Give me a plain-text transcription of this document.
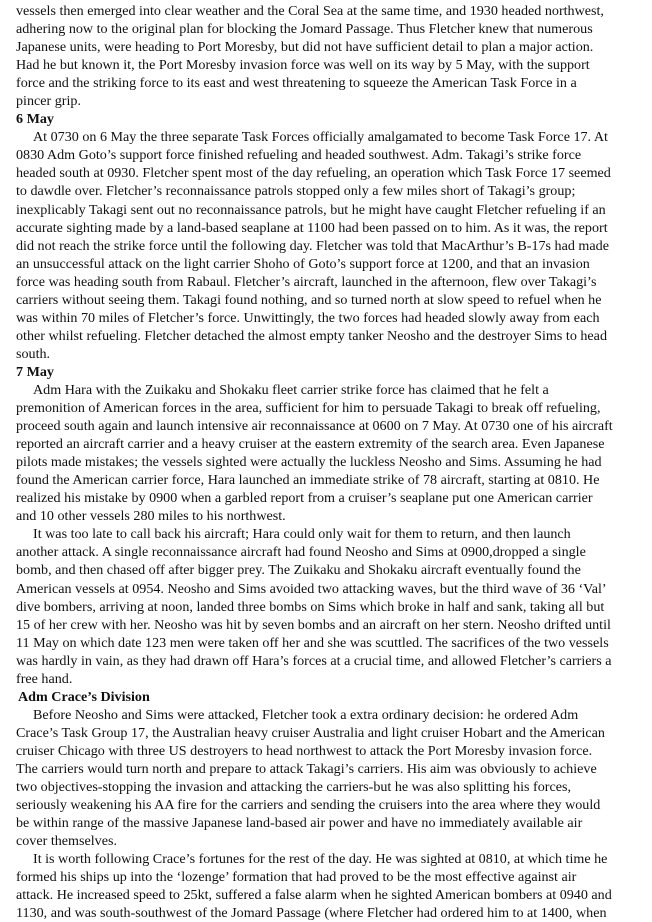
vessels then emerged into clear weather and the Coral Sea at the same time, and 1930 headed northwest,
adhering now to the original plan for blocking the Jomard Passage. Thus Fletcher knew that numerous
Japanese units, were heading to Port Moresby, but did not have sufficient detail to plan a major action.
Had he but known it, the Port Moresby invasion force was well on its way by 5 May, with the support
force and the striking force to its east and west threatening to squeeze the American Task Force in a
pincer grip.
6 May
At 0730 on 6 May the three separate Task Forces officially amalgamated to become Task Force 17. At
0830 Adm Goto’s support force finished refueling and headed southwest. Adm. Takagi’s strike force
headed south at 0930. Fletcher spent most of the day refueling, an operation which Task Force 17 seemed
to dawdle over. Fletcher’s reconnaissance patrols stopped only a few miles short of Takagi’s group;
inexplicably Takagi sent out no reconnaissance patrols, but he might have caught Fletcher refueling if an
accurate sighting made by a land-based seaplane at 1100 had been passed on to him. As it was, the report
did not reach the strike force until the following day. Fletcher was told that MacArthur’s B-17s had made
an unsuccessful attack on the light carrier Shoho of Goto’s support force at 1200, and that an invasion
force was heading south from Rabaul. Fletcher’s aircraft, launched in the afternoon, flew over Takagi’s
carriers without seeing them. Takagi found nothing, and so turned north at slow speed to refuel when he
was within 70 miles of Fletcher’s force. Unwittingly, the two forces had headed slowly away from each
other whilst refueling. Fletcher detached the almost empty tanker Neosho and the destroyer Sims to head
south.
7 May
Adm Hara with the Zuikaku and Shokaku fleet carrier strike force has claimed that he felt a
premonition of American forces in the area, sufficient for him to persuade Takagi to break off refueling,
proceed south again and launch intensive air reconnaissance at 0600 on 7 May. At 0730 one of his aircraft
reported an aircraft carrier and a heavy cruiser at the eastern extremity of the search area. Even Japanese
pilots made mistakes; the vessels sighted were actually the luckless Neosho and Sims. Assuming he had
found the American carrier force, Hara launched an immediate strike of 78 aircraft, starting at 0810. He
realized his mistake by 0900 when a garbled report from a cruiser’s seaplane put one American carrier
and 10 other vessels 280 miles to his northwest.
It was too late to call back his aircraft; Hara could only wait for them to return, and then launch
another attack. A single reconnaissance aircraft had found Neosho and Sims at 0900,dropped a single
bomb, and then chased off after bigger prey. The Zuikaku and Shokaku aircraft eventually found the
American vessels at 0954. Neosho and Sims avoided two attacking waves, but the third wave of 36 ‘Val’
dive bombers, arriving at noon, landed three bombs on Sims which broke in half and sank, taking all but
15 of her crew with her. Neosho was hit by seven bombs and an aircraft on her stern. Neosho drifted until
11 May on which date 123 men were taken off her and she was scuttled. The sacrifices of the two vessels
was hardly in vain, as they had drawn off Hara’s forces at a crucial time, and allowed Fletcher’s carriers a
free hand.
Adm Crace’s Division
Before Neosho and Sims were attacked, Fletcher took a extra ordinary decision: he ordered Adm
Crace’s Task Group 17, the Australian heavy cruiser Australia and light cruiser Hobart and the American
cruiser Chicago with three US destroyers to head northwest to attack the Port Moresby invasion force.
The carriers would turn north and prepare to attack Takagi’s carriers. His aim was obviously to achieve
two objectives-stopping the invasion and attacking the carriers-but he was also splitting his forces,
seriously weakening his AA fire for the carriers and sending the cruisers into the area where they would
be within range of the massive Japanese land-based air power and have no immediately available air
cover themselves.
It is worth following Crace’s fortunes for the rest of the day. He was sighted at 0810, at which time he
formed his ships up into the ‘lozenge’ formation that had proved to be the most effective against air
attack. He increased speed to 25kt, suffered a false alarm when he sighted American bombers at 0940 and
1130, and was south-southwest of the Jomard Passage (where Fletcher had ordered him to at 1400, when
